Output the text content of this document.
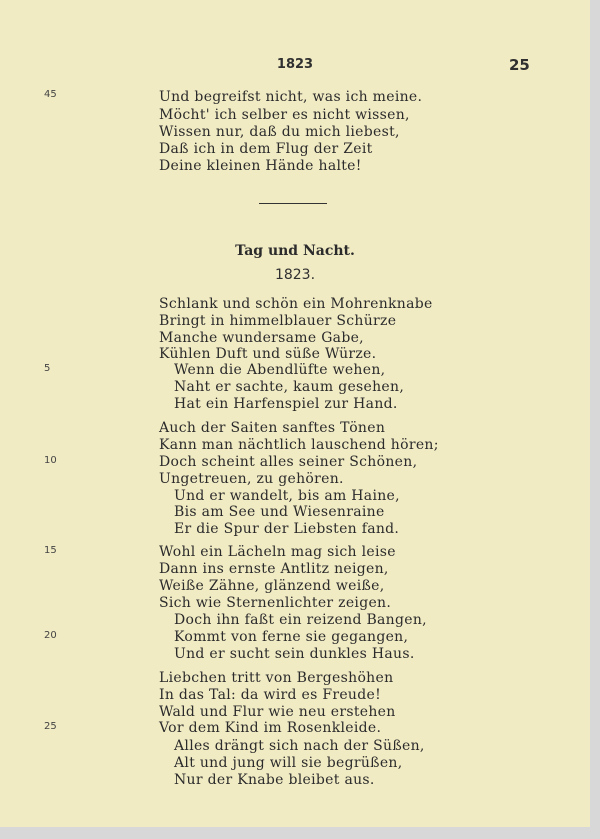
1823	25
45	Und begreifst nicht, was ich meine.
Möcht' ich selber es nicht wissen,
Wissen nur, daß du mich liebest,
Daß ich in dem Flug der Zeit
Deine kleinen Hände halte!
Tag und Nacht.
1823.
Schlank und schön ein Mohrenknabe
Bringt in himmelblauer Schürze
Manche wundersame Gabe,
Kühlen Duft und süße Würze.
5	Wenn die Abendlüfte wehen,
Naht er sachte, kaum gesehen,
Hat ein Harfenspiel zur Hand.
Auch der Saiten sanftes Tönen
Kann man nächtlich lauschend hören;
10	Doch scheint alles seiner Schönen,
Ungetreuen, zu gehören.
Und er wandelt, bis am Haine,
Bis am See und Wiesenraine
Er die Spur der Liebsten fand.
15	Wohl ein Lächeln mag sich leise
Dann ins ernste Antlitz neigen,
Weiße Zähne, glänzend weiße,
Sich wie Sternenlichter zeigen.
Doch ihn faßt ein reizend Bangen,
20	Kommt von ferne sie gegangen,
Und er sucht sein dunkles Haus.
Liebchen tritt von Bergeshöhen
In das Tal: da wird es Freude!
Wald und Flur wie neu erstehen
25	Vor dem Kind im Rosenkleide.
Alles drängt sich nach der Süßen,
Alt und jung will sie begrüßen,
Nur der Knabe bleibet aus.
